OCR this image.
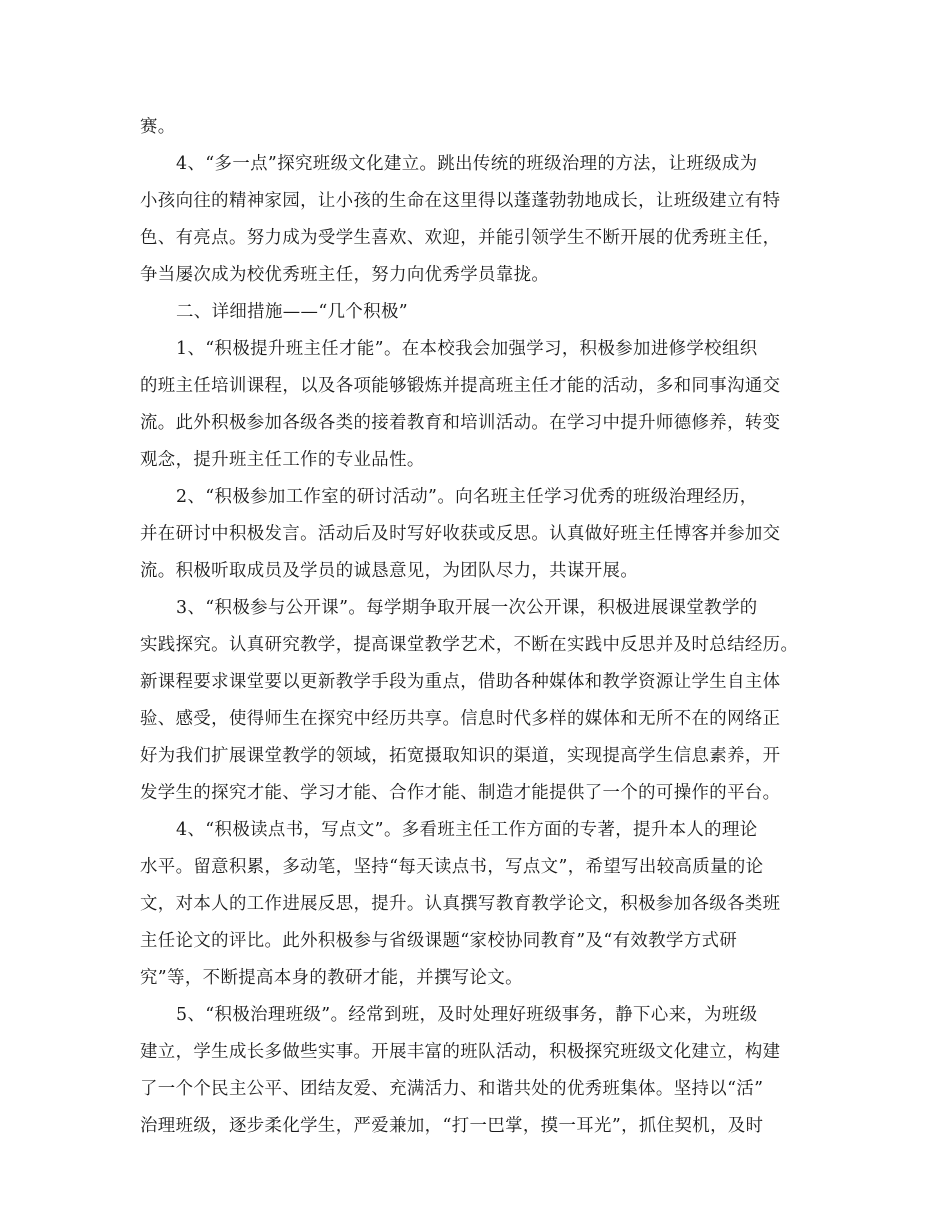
赛。
4、“多一点”探究班级文化建立。跳出传统的班级治理的方法，让班级成为
小孩向往的精神家园，让小孩的生命在这里得以蓬蓬勃勃地成长，让班级建立有特
色、有亮点。努力成为受学生喜欢、欢迎，并能引领学生不断开展的优秀班主任，
争当屡次成为校优秀班主任，努力向优秀学员靠拢。
二、详细措施——“几个积极”
1、“积极提升班主任才能”。在本校我会加强学习，积极参加进修学校组织
的班主任培训课程，以及各项能够锻炼并提高班主任才能的活动，多和同事沟通交
流。此外积极参加各级各类的接着教育和培训活动。在学习中提升师德修养，转变
观念，提升班主任工作的专业品性。
2、“积极参加工作室的研讨活动”。向名班主任学习优秀的班级治理经历，
并在研讨中积极发言。活动后及时写好收获或反思。认真做好班主任博客并参加交
流。积极听取成员及学员的诚恳意见，为团队尽力，共谋开展。
3、“积极参与公开课”。每学期争取开展一次公开课，积极进展课堂教学的
实践探究。认真研究教学，提高课堂教学艺术，不断在实践中反思并及时总结经历。
新课程要求课堂要以更新教学手段为重点，借助各种媒体和教学资源让学生自主体
验、感受，使得师生在探究中经历共享。信息时代多样的媒体和无所不在的网络正
好为我们扩展课堂教学的领域，拓宽摄取知识的渠道，实现提高学生信息素养，开
发学生的探究才能、学习才能、合作才能、制造才能提供了一个的可操作的平台。
4、“积极读点书，写点文”。多看班主任工作方面的专著，提升本人的理论
水平。留意积累，多动笔，坚持“每天读点书，写点文”，希望写出较高质量的论
文，对本人的工作进展反思，提升。认真撰写教育教学论文，积极参加各级各类班
主任论文的评比。此外积极参与省级课题“家校协同教育”及“有效教学方式研
究”等，不断提高本身的教研才能，并撰写论文。
5、“积极治理班级”。经常到班，及时处理好班级事务，静下心来，为班级
建立，学生成长多做些实事。开展丰富的班队活动，积极探究班级文化建立，构建
了一个个民主公平、团结友爱、充满活力、和谐共处的优秀班集体。坚持以“活”
治理班级，逐步柔化学生，严爱兼加，“打一巴掌，摸一耳光”，抓住契机，及时
